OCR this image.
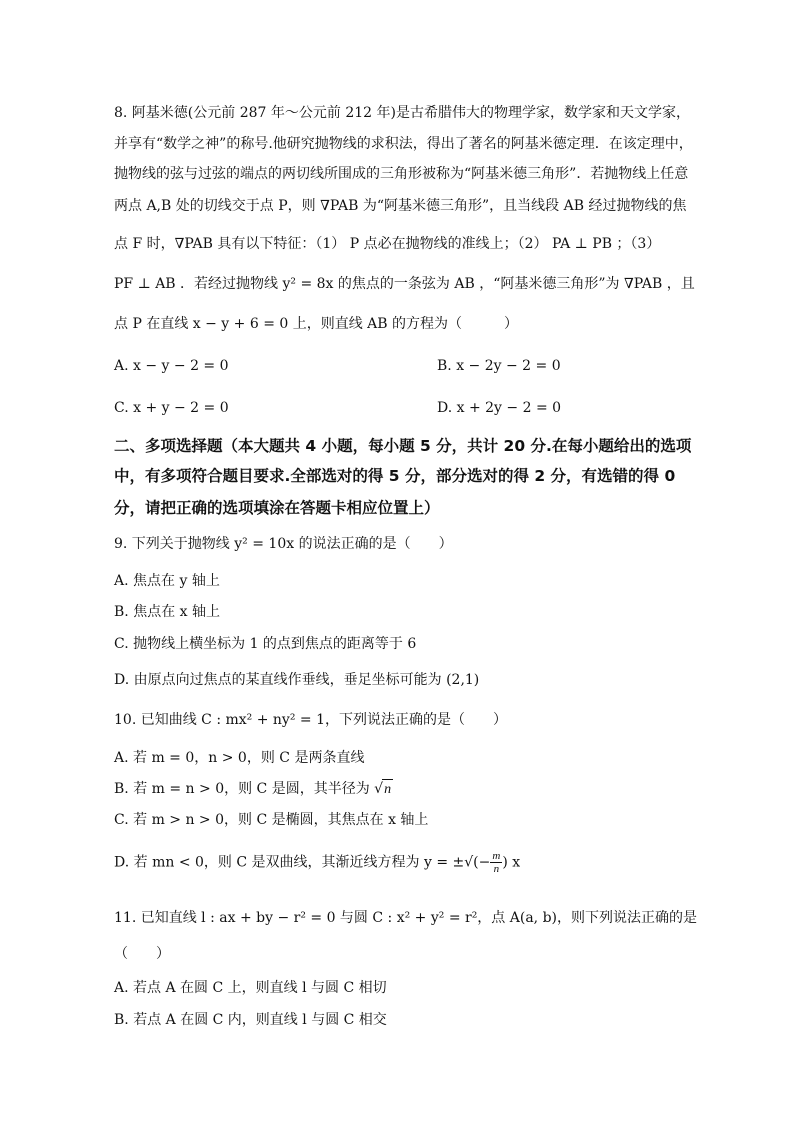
8. 阿基米德(公元前 287 年～公元前 212 年)是古希腊伟大的物理学家，数学家和天文学家，
并享有“数学之神”的称号.他研究抛物线的求积法，得出了著名的阿基米德定理．在该定理中，
抛物线的弦与过弦的端点的两切线所围成的三角形被称为“阿基米德三角形”．若抛物线上任意
两点 A,B 处的切线交于点 P，则 ∇PAB 为“阿基米德三角形”，且当线段 AB 经过抛物线的焦
点 F 时，∇PAB 具有以下特征：（1） P 点必在抛物线的准线上；（2） PA ⊥ PB ；（3）
PF ⊥ AB ．若经过抛物线 y² = 8x 的焦点的一条弦为 AB ，“阿基米德三角形”为 ∇PAB ，且
点 P 在直线 x − y + 6 = 0 上，则直线 AB 的方程为（　　　）
A. x − y − 2 = 0	B. x − 2y − 2 = 0
C. x + y − 2 = 0	D. x + 2y − 2 = 0
二、多项选择题（本大题共 4 小题，每小题 5 分，共计 20 分.在每小题给出的选项
中，有多项符合题目要求.全部选对的得 5 分，部分选对的得 2 分，有选错的得 0
分，请把正确的选项填涂在答题卡相应位置上）
9. 下列关于抛物线 y² = 10x 的说法正确的是（　　）
A. 焦点在 y 轴上
B. 焦点在 x 轴上
C. 抛物线上横坐标为 1 的点到焦点的距离等于 6
D. 由原点向过焦点的某直线作垂线，垂足坐标可能为 (2,1)
10. 已知曲线 C : mx² + ny² = 1，下列说法正确的是（　　）
A. 若 m = 0，n > 0，则 C 是两条直线
B. 若 m = n > 0，则 C 是圆，其半径为 √n
C. 若 m > n > 0，则 C 是椭圆，其焦点在 x 轴上
D. 若 mn < 0，则 C 是双曲线，其渐近线方程为 y = ±√(− $\frac{m}{n}$ ) x
11. 已知直线 l : ax + by − r² = 0 与圆 C : x² + y² = r²，点 A(a, b)，则下列说法正确的是
（　　）
A. 若点 A 在圆 C 上，则直线 l 与圆 C 相切
B. 若点 A 在圆 C 内，则直线 l 与圆 C 相交
